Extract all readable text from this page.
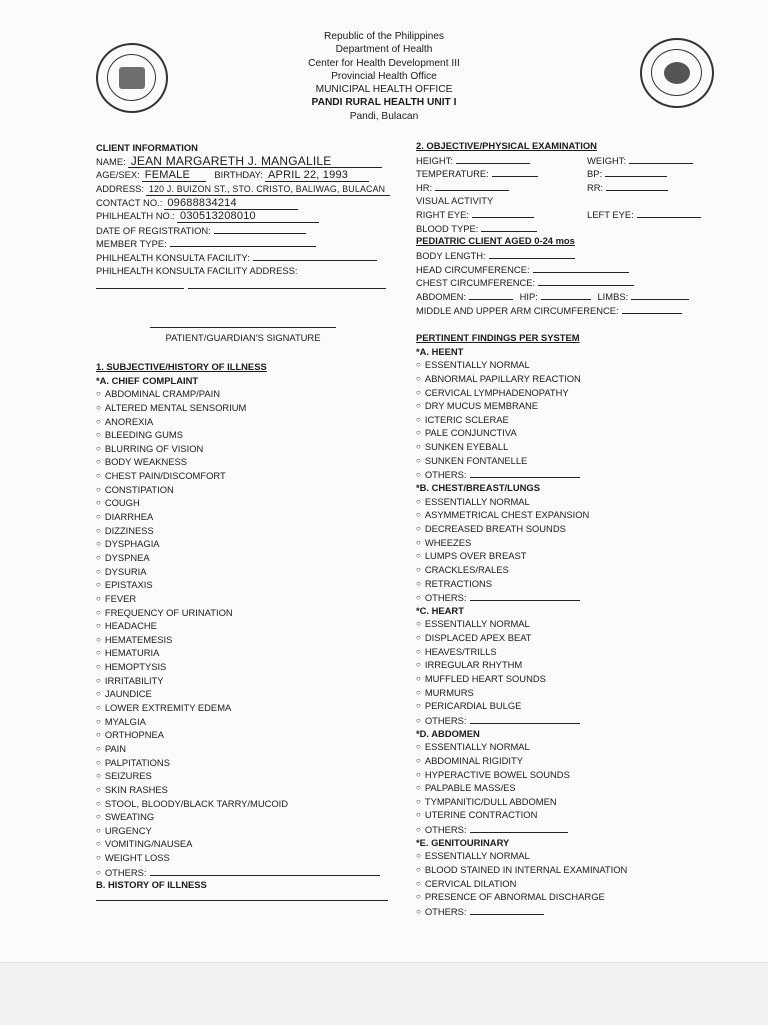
Republic of the Philippines
Department of Health
Center for Health Development III
Provincial Health Office
MUNICIPAL HEALTH OFFICE
PANDI RURAL HEALTH UNIT I
Pandi, Bulacan
CLIENT INFORMATION
NAME: JEAN MARGARETH J. MANGALILE
AGE/SEX: FEMALE	BIRTHDAY: APRIL 22, 1993
ADDRESS: 120 J. BUIZON ST., STO. CRISTO, BALIWAG, BULACAN
CONTACT NO.: 09688834214
PHILHEALTH NO.: 030513208010
DATE OF REGISTRATION:
MEMBER TYPE:
PHILHEALTH KONSULTA FACILITY:
PHILHEALTH KONSULTA FACILITY ADDRESS:
PATIENT/GUARDIAN'S SIGNATURE
1. SUBJECTIVE/HISTORY OF ILLNESS
*A. CHIEF COMPLAINT
○ ABDOMINAL CRAMP/PAIN
○ ALTERED MENTAL SENSORIUM
○ ANOREXIA
○ BLEEDING GUMS
○ BLURRING OF VISION
○ BODY WEAKNESS
○ CHEST PAIN/DISCOMFORT
○ CONSTIPATION
○ COUGH
○ DIARRHEA
○ DIZZINESS
○ DYSPHAGIA
○ DYSPNEA
○ DYSURIA
○ EPISTAXIS
○ FEVER
○ FREQUENCY OF URINATION
○ HEADACHE
○ HEMATEMESIS
○ HEMATURIA
○ HEMOPTYSIS
○ IRRITABILITY
○ JAUNDICE
○ LOWER EXTREMITY EDEMA
○ MYALGIA
○ ORTHOPNEA
○ PAIN
○ PALPITATIONS
○ SEIZURES
○ SKIN RASHES
○ STOOL, BLOODY/BLACK TARRY/MUCOID
○ SWEATING
○ URGENCY
○ VOMITING/NAUSEA
○ WEIGHT LOSS
○ OTHERS:
B. HISTORY OF ILLNESS
2. OBJECTIVE/PHYSICAL EXAMINATION
HEIGHT:	WEIGHT:
TEMPERATURE:	BP:
HR:	RR:
VISUAL ACTIVITY
RIGHT EYE:	LEFT EYE:
BLOOD TYPE:
PEDIATRIC CLIENT AGED 0-24 mos
BODY LENGTH:
HEAD CIRCUMFERENCE:
CHEST CIRCUMFERENCE:
ABDOMEN:	HIP:	LIMBS:
MIDDLE AND UPPER ARM CIRCUMFERENCE:
PERTINENT FINDINGS PER SYSTEM
*A. HEENT
○ ESSENTIALLY NORMAL
○ ABNORMAL PAPILLARY REACTION
○ CERVICAL LYMPHADENOPATHY
○ DRY MUCUS MEMBRANE
○ ICTERIC SCLERAE
○ PALE CONJUNCTIVA
○ SUNKEN EYEBALL
○ SUNKEN FONTANELLE
○ OTHERS:
*B. CHEST/BREAST/LUNGS
○ ESSENTIALLY NORMAL
○ ASYMMETRICAL CHEST EXPANSION
○ DECREASED BREATH SOUNDS
○ WHEEZES
○ LUMPS OVER BREAST
○ CRACKLES/RALES
○ RETRACTIONS
○ OTHERS:
*C. HEART
○ ESSENTIALLY NORMAL
○ DISPLACED APEX BEAT
○ HEAVES/TRILLS
○ IRREGULAR RHYTHM
○ MUFFLED HEART SOUNDS
○ MURMURS
○ PERICARDIAL BULGE
○ OTHERS:
*D. ABDOMEN
○ ESSENTIALLY NORMAL
○ ABDOMINAL RIGIDITY
○ HYPERACTIVE BOWEL SOUNDS
○ PALPABLE MASS/ES
○ TYMPANITIC/DULL ABDOMEN
○ UTERINE CONTRACTION
○ OTHERS:
*E. GENITOURINARY
○ ESSENTIALLY NORMAL
○ BLOOD STAINED IN INTERNAL EXAMINATION
○ CERVICAL DILATION
○ PRESENCE OF ABNORMAL DISCHARGE
○ OTHERS:
